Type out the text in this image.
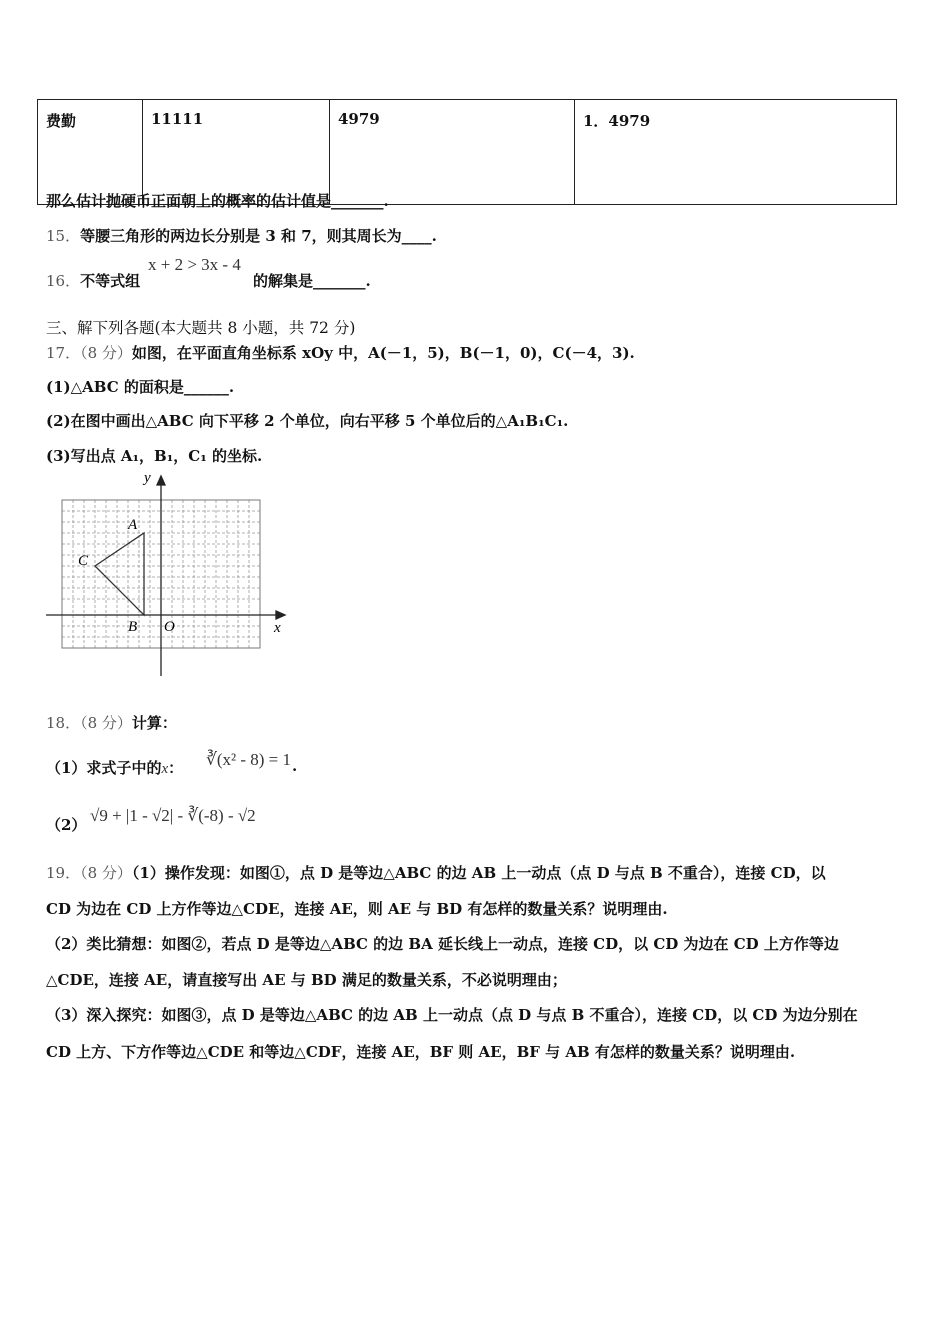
费勤	11111	4979	1．4979
那么估计抛硬币正面朝上的概率的估计值是_______.
15．等腰三角形的两边长分别是 3 和 7，则其周长为____.
16．不等式组
x + 2 > 3x - 4
的解集是_______.
三、解下列各题(本大题共 8 小题，共 72 分)
17．（8 分）如图，在平面直角坐标系 xOy 中，A(－1，5)，B(－1，0)，C(－4，3).
(1)△ABC 的面积是______.
(2)在图中画出△ABC 向下平移 2 个单位，向右平移 5 个单位后的△A₁B₁C₁.
(3)写出点 A₁，B₁，C₁ 的坐标.
y
x
A
B
C
O
18．（8 分）计算：
（1）求式子中的x： ∛(x² - 8) = 1 .
（2） √9 + |1 - √2| - ∛(-8) - √2
19．（8 分）（1）操作发现：如图①，点 D 是等边△ABC 的边 AB 上一动点（点 D 与点 B 不重合），连接 CD，以
CD 为边在 CD 上方作等边△CDE，连接 AE，则 AE 与 BD 有怎样的数量关系？说明理由.
（2）类比猜想：如图②，若点 D 是等边△ABC 的边 BA 延长线上一动点，连接 CD，以 CD 为边在 CD 上方作等边
△CDE，连接 AE，请直接写出 AE 与 BD 满足的数量关系，不必说明理由；
（3）深入探究：如图③，点 D 是等边△ABC 的边 AB 上一动点（点 D 与点 B 不重合），连接 CD，以 CD 为边分别在
CD 上方、下方作等边△CDE 和等边△CDF，连接 AE，BF 则 AE，BF 与 AB 有怎样的数量关系？说明理由.
